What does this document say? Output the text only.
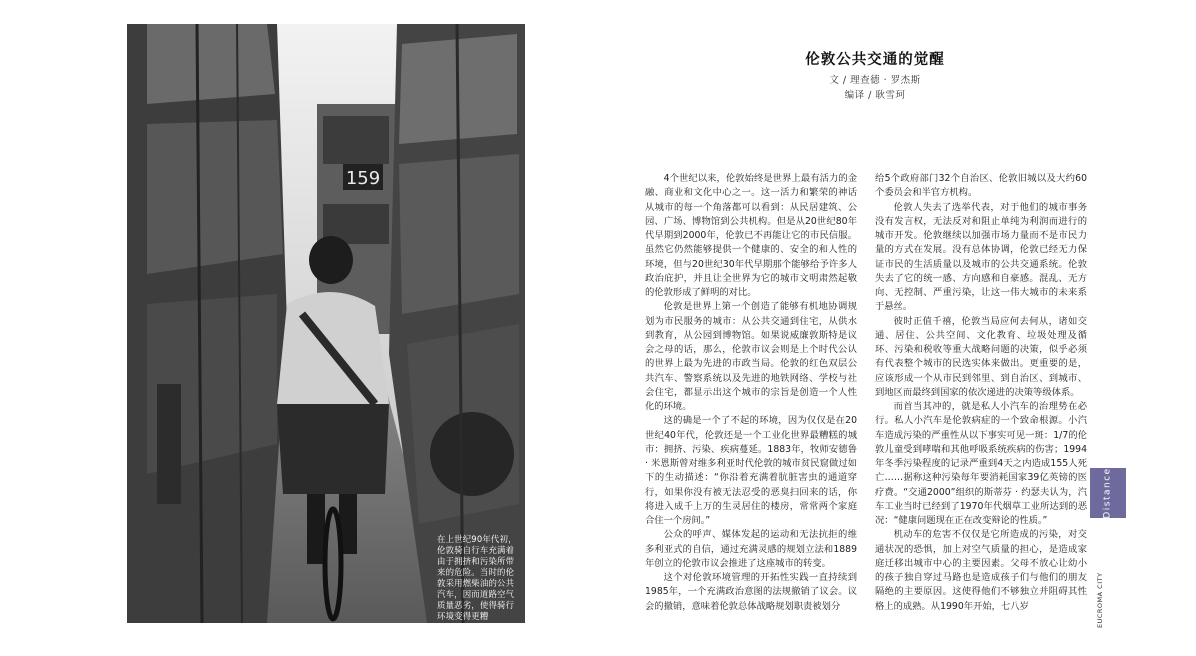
159
在上世纪90年代初，伦敦骑自行车充满着由于拥挤和污染所带来的危险。当时的伦敦采用燃柴油的公共汽车，因而道路空气质量恶劣，使得骑行环境变得更糟
伦敦公共交通的觉醒
文 / 理查德 · 罗杰斯
编译 / 耿雪珂

4个世纪以来，伦敦始终是世界上最有活力的金融、商业和文化中心之一。这一活力和繁荣的神话从城市的每一个角落都可以看到：从民居建筑、公园、广场、博物馆到公共机构。但是从20世纪80年代早期到2000年，伦敦已不再能让它的市民信服。虽然它仍然能够提供一个健康的、安全的和人性的环境，但与20世纪30年代早期那个能够给予许多人政治庇护，并且让全世界为它的城市文明肃然起敬的伦敦形成了鲜明的对比。

伦敦是世界上第一个创造了能够有机地协调规划为市民服务的城市：从公共交通到住宅，从供水到教育，从公园到博物馆。如果说威廉敦斯特是议会之母的话，那么，伦敦市议会则是上个时代公认的世界上最为先进的市政当局。伦敦的红色双层公共汽车、警察系统以及先进的地铁网络、学校与社会住宅，都显示出这个城市的宗旨是创造一个人性化的环境。

这的确是一个了不起的环境，因为仅仅是在20世纪40年代，伦敦还是一个工业化世界最糟糕的城市：拥挤、污染、疾病蔓延。1883年，牧师安德鲁 · 米恩斯曾对维多利亚时代伦敦的城市贫民窟做过如下的生动描述：“你沿着充满着肮脏害虫的通道穿行，如果你没有被无法忍受的恶臭扫回来的话，你将进入成千上万的生灵居住的楼房，常常两个家庭合住一个房间。”

公众的呼声、媒体发起的运动和无法抗拒的维多利亚式的自信，通过充满灵感的规划立法和1889年创立的伦敦市议会推进了这座城市的转变。

这个对伦敦环境管理的开拓性实践一直持续到1985年，一个充满政治意图的法规撤销了议会。议会的撤销，意味着伦敦总体战略规划职责被划分

给5个政府部门32个自治区、伦敦旧城以及大约60个委员会和半官方机构。

伦敦人失去了选举代表，对于他们的城市事务没有发言权，无法反对和阻止单纯为利润而进行的城市开发。伦敦继续以加强市场力量而不是市民力量的方式在发展。没有总体协调，伦敦已经无力保证市民的生活质量以及城市的公共交通系统。伦敦失去了它的统一感、方向感和自豪感。混乱、无方向、无控制、严重污染，让这一伟大城市的未来系于悬丝。

彼时正值千禧，伦敦当局应何去何从，诸如交通、居住、公共空间、文化教育、垃圾处理及循环、污染和税收等重大战略问题的决策，似乎必须有代表整个城市的民选实体来做出。更重要的是，应该形成一个从市民到邻里、到自治区、到城市、到地区而最终到国家的依次递进的决策等级体系。

而首当其冲的，就是私人小汽车的治理势在必行。私人小汽车是伦敦病症的一个致命根源。小汽车造成污染的严重性从以下事实可见一斑：1/7的伦敦儿童受到哮喘和其他呼吸系统疾病的伤害；1994年冬季污染程度的记录严重到4天之内造成155人死亡……据称这种污染每年要消耗国家39亿英镑的医疗费。“交通2000”组织的斯蒂芬 · 约瑟夫认为，汽车工业当时已经到了1970年代烟草工业所达到的恶况：“健康问题现在正在改变辩论的性质。”

机动车的危害不仅仅是它所造成的污染，对交通状况的恐惧，加上对空气质量的担心，是造成家庭迁移出城市中心的主要因素。父母不放心让幼小的孩子独自穿过马路也是造成孩子们与他们的朋友隔绝的主要原因。这使得他们不够独立并阻碍其性格上的成熟。从1990年开始，七八岁

Distance
EUCROMA CITY
